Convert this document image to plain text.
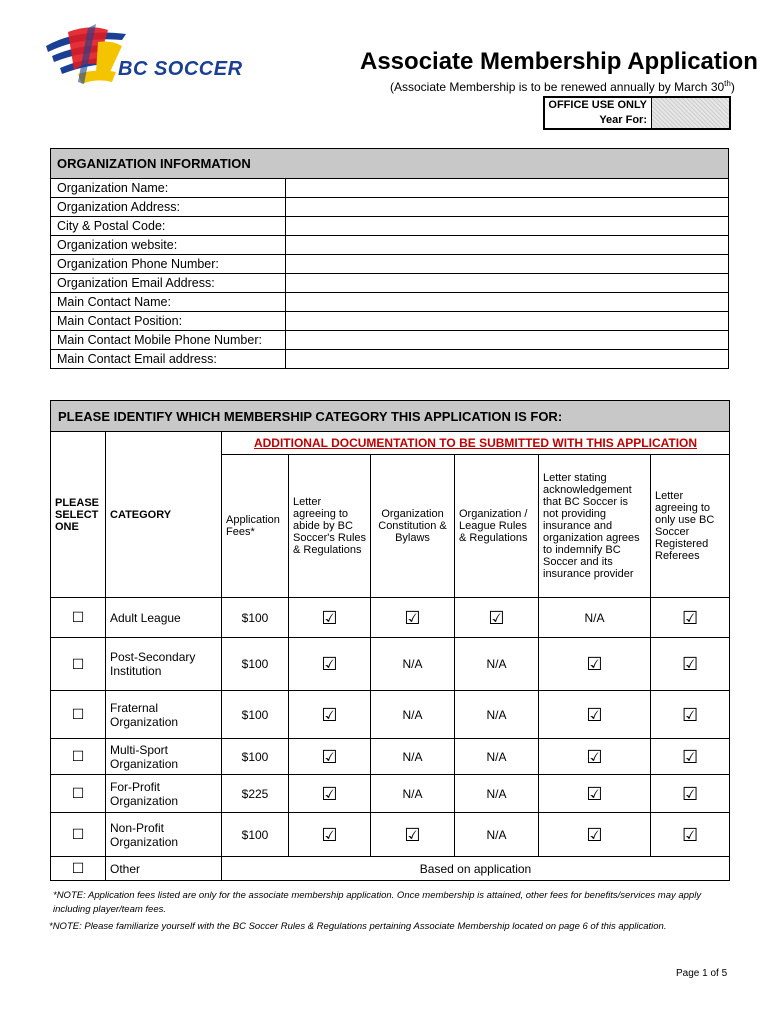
BC SOCCER	Associate Membership Application
(Associate Membership is to be renewed annually by March 30th)
OFFICE USE ONLY
Year For:
ORGANIZATION INFORMATION	
Organization Name:	
Organization Address:	
City & Postal Code:	
Organization website:	
Organization Phone Number:	
Organization Email Address:	
Main Contact Name:	
Main Contact Position:	
Main Contact Mobile Phone Number:	
Main Contact Email address:	
PLEASE IDENTIFY WHICH MEMBERSHIP CATEGORY THIS APPLICATION IS FOR:							
PLEASE SELECT ONE	CATEGORY	ADDITIONAL DOCUMENTATION TO BE SUBMITTED WITH THIS APPLICATION					
		Application Fees*	Letter agreeing to abide by BC Soccer's Rules & Regulations	Organization Constitution & Bylaws	Organization / League Rules & Regulations	Letter stating acknowledgement that BC Soccer is not providing insurance and organization agrees to indemnify BC Soccer and its insurance provider	Letter agreeing to only use BC Soccer Registered Referees
☐	Adult League	$100	☑	☑	☑	N/A	☑
☐	Post-Secondary Institution	$100	☑	N/A	N/A	☑	☑
☐	Fraternal Organization	$100	☑	N/A	N/A	☑	☑
☐	Multi-Sport Organization	$100	☑	N/A	N/A	☑	☑
☐	For-Profit Organization	$225	☑	N/A	N/A	☑	☑
☐	Non-Profit Organization	$100	☑	☑	N/A	☑	☑
☐	Other	Based on application					
*NOTE: Application fees listed are only for the associate membership application. Once membership is attained, other fees for benefits/services may apply including player/team fees.
*NOTE: Please familiarize yourself with the BC Soccer Rules & Regulations pertaining Associate Membership located on page 6 of this application.
Page 1 of 5
